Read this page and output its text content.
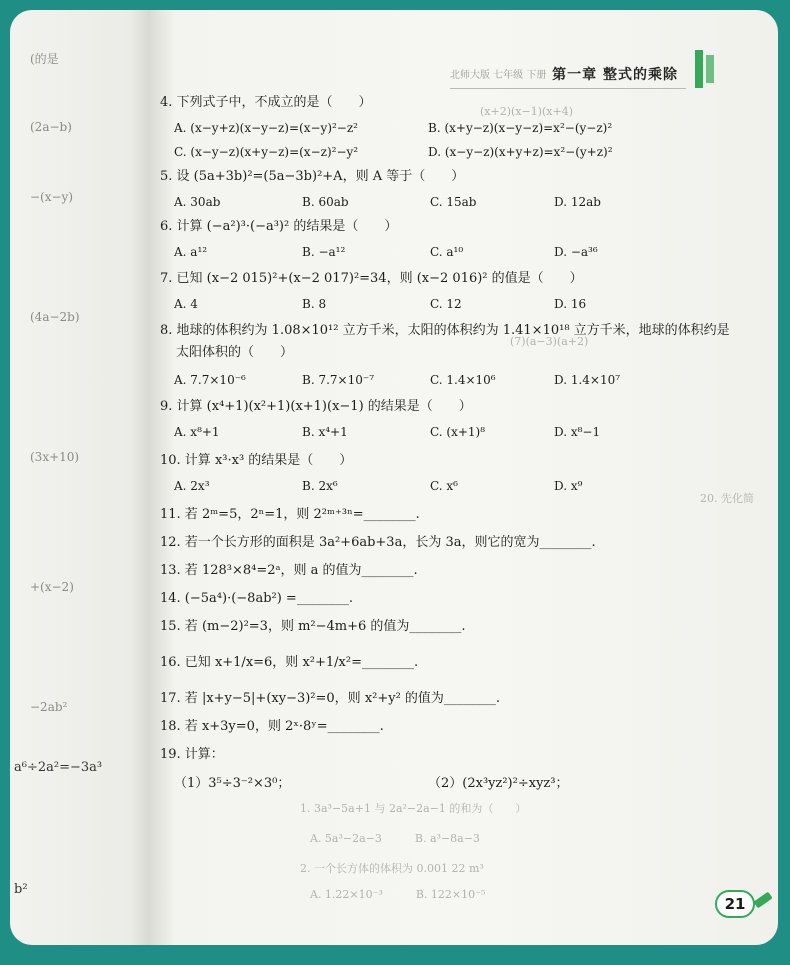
(的是
(2a−b)
−(x−y)
(4a−2b)
(3x+10)
+(x−2)
−2ab²
a⁶÷2a²=−3a³
b²
北师大版 七年级 下册 第一章 整式的乘除
(x+2)(x−1)(x+4)
(7)(a−3)(a+2)
20. 先化简
1. 3a³−5a+1 与 2a²−2a−1 的和为（　　）
A. 5a³−2a−3　　　B. a³−8a−3
2. 一个长方体的体积为 0.001 22 m³
A. 1.22×10⁻³　　　B. 122×10⁻⁵
4. 下列式子中，不成立的是（　　）
A. (x−y+z)(x−y−z)=(x−y)²−z²	B. (x+y−z)(x−y−z)=x²−(y−z)²
C. (x−y−z)(x+y−z)=(x−z)²−y²	D. (x−y−z)(x+y+z)=x²−(y+z)²
5. 设 (5a+3b)²=(5a−3b)²+A，则 A 等于（　　）
A. 30ab	B. 60ab	C. 15ab	D. 12ab
6. 计算 (−a²)³·(−a³)² 的结果是（　　）
A. a¹²	B. −a¹²	C. a¹⁰	D. −a³⁶
7. 已知 (x−2 015)²+(x−2 017)²=34，则 (x−2 016)² 的值是（　　）
A. 4	B. 8	C. 12	D. 16
8. 地球的体积约为 1.08×10¹² 立方千米，太阳的体积约为 1.41×10¹⁸ 立方千米，地球的体积约是
太阳体积的（　　）
A. 7.7×10⁻⁶	B. 7.7×10⁻⁷	C. 1.4×10⁶	D. 1.4×10⁷
9. 计算 (x⁴+1)(x²+1)(x+1)(x−1) 的结果是（　　）
A. x⁸+1	B. x⁴+1	C. (x+1)⁸	D. x⁸−1
10. 计算 x³·x³ 的结果是（　　）
A. 2x³	B. 2x⁶	C. x⁶	D. x⁹
11. 若 2ᵐ=5，2ⁿ=1，则 2²ᵐ⁺³ⁿ=________.
12. 若一个长方形的面积是 3a²+6ab+3a，长为 3a，则它的宽为________.
13. 若 128³×8⁴=2ᵃ，则 a 的值为________.
14. (−5a⁴)·(−8ab²) =________.
15. 若 (m−2)²=3，则 m²−4m+6 的值为________.
16. 已知 x+1/x=6，则 x²+1/x²=________.
17. 若 |x+y−5|+(xy−3)²=0，则 x²+y² 的值为________.
18. 若 x+3y=0，则 2ˣ·8ʸ=________.
19. 计算：
（1）3⁵÷3⁻²×3⁰；	（2）(2x³yz²)²÷xyz³；
21
